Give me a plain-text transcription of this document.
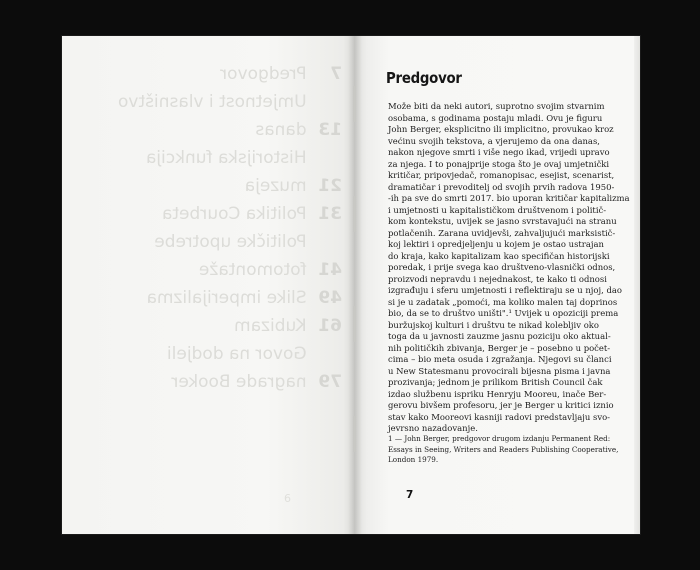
7 Predgovor
Umjetnost i vlasništvo
13 danas
Historijska funkcija
21 muzeja
31 Politika Courbeta
Političke upotrebe
41 fotomontaže
49 Slike imperijalizma
61 Kubizam
Govor na dodjeli
79 nagrade Booker
6
Predgovor
Može biti da neki autori, suprotno svojim stvarnim
osobama, s godinama postaju mladi. Ovu je figuru
John Berger, eksplicitno ili implicitno, provukao kroz
većinu svojih tekstova, a vjerujemo da ona danas,
nakon njegove smrti i više nego ikad, vrijedi upravo
za njega. I to ponajprije stoga što je ovaj umjetnički
kritičar, pripovjedač, romanopisac, esejist, scenarist,
dramatičar i prevoditelj od svojih prvih radova 1950-
-ih pa sve do smrti 2017. bio uporan kritičar kapitalizma
i umjetnosti u kapitalističkom društvenom i politič-
kom kontekstu, uvijek se jasno svrstavajući na stranu
potlačenih. Zarana uvidjevši, zahvaljujući marksistič-
koj lektiri i opredjeljenju u kojem je ostao ustrajan
do kraja, kako kapitalizam kao specifičan historijski
poredak, i prije svega kao društveno-vlasnički odnos,
proizvodi nepravdu i nejednakost, te kako ti odnosi
izgrađuju i sferu umjetnosti i reflektiraju se u njoj, dao
si je u zadatak „pomoći, ma koliko malen taj doprinos
bio, da se to društvo uništi".¹ Uvijek u opoziciji prema
buržujskoj kulturi i društvu te nikad kolebljiv oko
toga da u javnosti zauzme jasnu poziciju oko aktual-
nih političkih zbivanja, Berger je – posebno u počet-
cima – bio meta osuda i zgražanja. Njegovi su članci
u New Statesmanu provocirali bijesna pisma i javna
prozivanja; jednom je prilikom British Council čak
izdao službenu ispriku Henryju Mooreu, inače Ber-
gerovu bivšem profesoru, jer je Berger u kritici iznio
stav kako Mooreovi kasniji radovi predstavljaju svo-
jevrsno nazadovanje.
1 — John Berger, predgovor drugom izdanju Permanent Red:
Essays in Seeing, Writers and Readers Publishing Cooperative,
London 1979.
7
